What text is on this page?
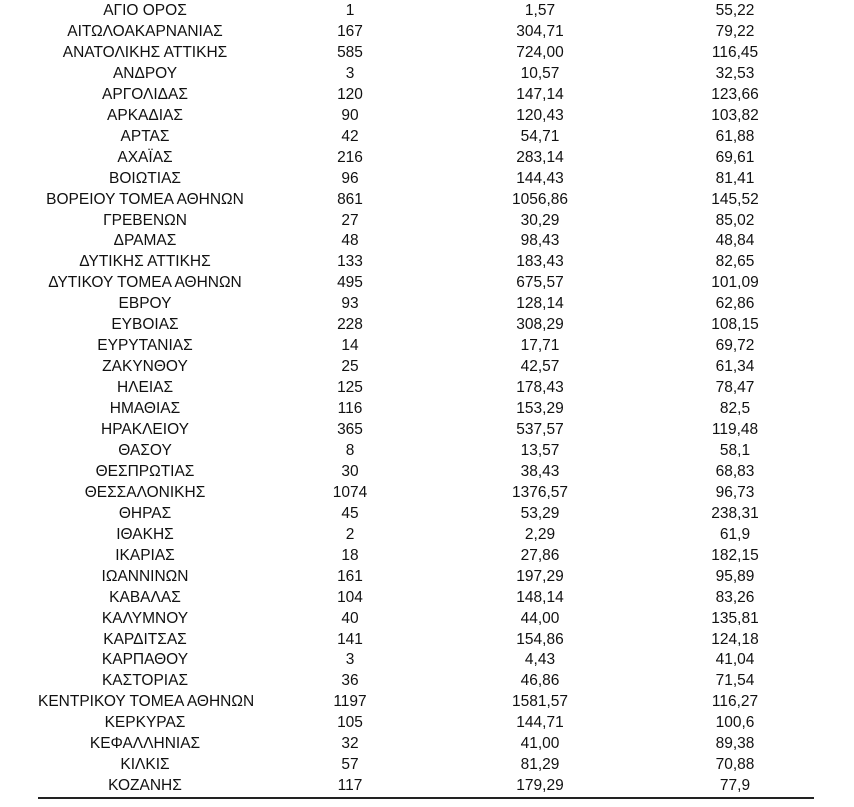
ΑΓΙΟ ΟΡΟΣ	1	1,57	55,22
ΑΙΤΩΛΟΑΚΑΡΝΑΝΙΑΣ	167	304,71	79,22
ΑΝΑΤΟΛΙΚΗΣ ΑΤΤΙΚΗΣ	585	724,00	116,45
ΑΝΔΡΟΥ	3	10,57	32,53
ΑΡΓΟΛΙΔΑΣ	120	147,14	123,66
ΑΡΚΑΔΙΑΣ	90	120,43	103,82
ΑΡΤΑΣ	42	54,71	61,88
ΑΧΑΪΑΣ	216	283,14	69,61
ΒΟΙΩΤΙΑΣ	96	144,43	81,41
ΒΟΡΕΙΟΥ ΤΟΜΕΑ ΑΘΗΝΩΝ	861	1056,86	145,52
ΓΡΕΒΕΝΩΝ	27	30,29	85,02
ΔΡΑΜΑΣ	48	98,43	48,84
ΔΥΤΙΚΗΣ ΑΤΤΙΚΗΣ	133	183,43	82,65
ΔΥΤΙΚΟΥ ΤΟΜΕΑ ΑΘΗΝΩΝ	495	675,57	101,09
ΕΒΡΟΥ	93	128,14	62,86
ΕΥΒΟΙΑΣ	228	308,29	108,15
ΕΥΡΥΤΑΝΙΑΣ	14	17,71	69,72
ΖΑΚΥΝΘΟΥ	25	42,57	61,34
ΗΛΕΙΑΣ	125	178,43	78,47
ΗΜΑΘΙΑΣ	116	153,29	82,5
ΗΡΑΚΛΕΙΟΥ	365	537,57	119,48
ΘΑΣΟΥ	8	13,57	58,1
ΘΕΣΠΡΩΤΙΑΣ	30	38,43	68,83
ΘΕΣΣΑΛΟΝΙΚΗΣ	1074	1376,57	96,73
ΘΗΡΑΣ	45	53,29	238,31
ΙΘΑΚΗΣ	2	2,29	61,9
ΙΚΑΡΙΑΣ	18	27,86	182,15
ΙΩΑΝΝΙΝΩΝ	161	197,29	95,89
ΚΑΒΑΛΑΣ	104	148,14	83,26
ΚΑΛΥΜΝΟΥ	40	44,00	135,81
ΚΑΡΔΙΤΣΑΣ	141	154,86	124,18
ΚΑΡΠΑΘΟΥ	3	4,43	41,04
ΚΑΣΤΟΡΙΑΣ	36	46,86	71,54
ΚΕΝΤΡΙΚΟΥ ΤΟΜΕΑ ΑΘΗΝΩΝ	1197	1581,57	116,27
ΚΕΡΚΥΡΑΣ	105	144,71	100,6
ΚΕΦΑΛΛΗΝΙΑΣ	32	41,00	89,38
ΚΙΛΚΙΣ	57	81,29	70,88
ΚΟΖΑΝΗΣ	117	179,29	77,9
